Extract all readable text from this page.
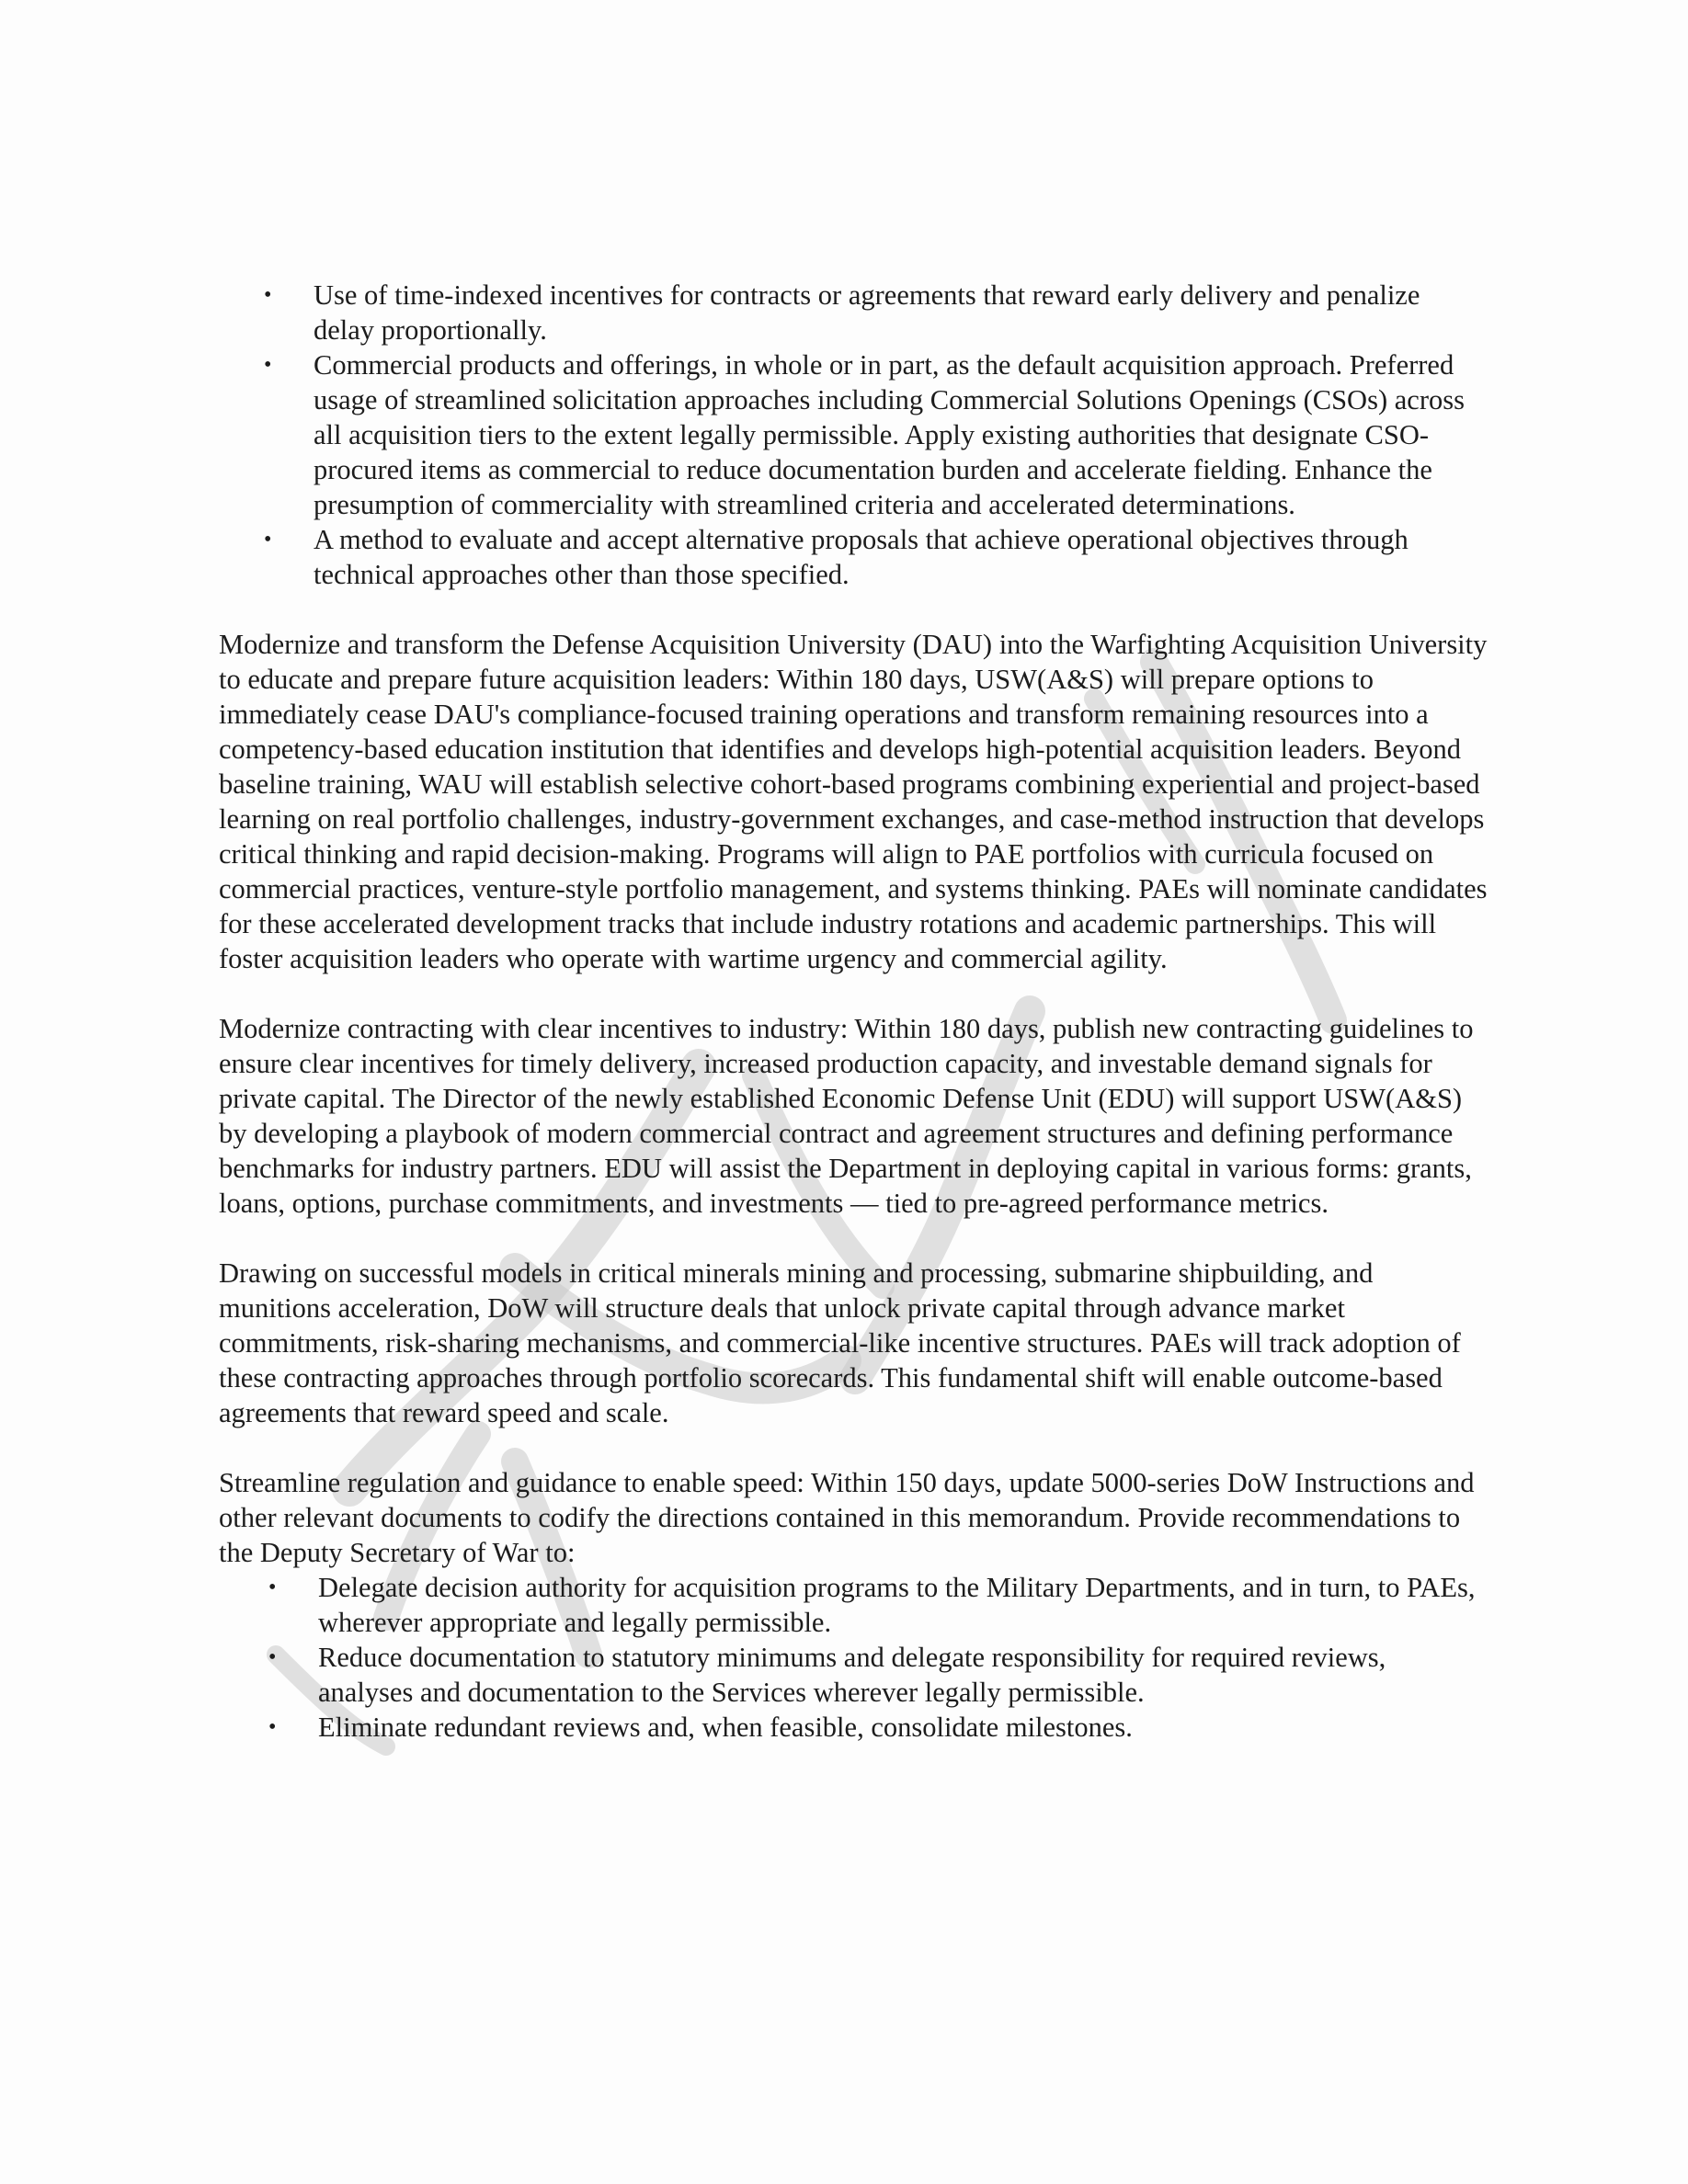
• Use of time-indexed incentives for contracts or agreements that reward early delivery and penalize delay proportionally.
• Commercial products and offerings, in whole or in part, as the default acquisition approach. Preferred usage of streamlined solicitation approaches including Commercial Solutions Openings (CSOs) across all acquisition tiers to the extent legally permissible. Apply existing authorities that designate CSO-procured items as commercial to reduce documentation burden and accelerate fielding. Enhance the presumption of commerciality with streamlined criteria and accelerated determinations.
• A method to evaluate and accept alternative proposals that achieve operational objectives through technical approaches other than those specified.

Modernize and transform the Defense Acquisition University (DAU) into the Warfighting Acquisition University to educate and prepare future acquisition leaders: Within 180 days, USW(A&S) will prepare options to immediately cease DAU's compliance-focused training operations and transform remaining resources into a competency-based education institution that identifies and develops high-potential acquisition leaders. Beyond baseline training, WAU will establish selective cohort-based programs combining experiential and project-based learning on real portfolio challenges, industry-government exchanges, and case-method instruction that develops critical thinking and rapid decision-making. Programs will align to PAE portfolios with curricula focused on commercial practices, venture-style portfolio management, and systems thinking. PAEs will nominate candidates for these accelerated development tracks that include industry rotations and academic partnerships. This will foster acquisition leaders who operate with wartime urgency and commercial agility.

Modernize contracting with clear incentives to industry: Within 180 days, publish new contracting guidelines to ensure clear incentives for timely delivery, increased production capacity, and investable demand signals for private capital. The Director of the newly established Economic Defense Unit (EDU) will support USW(A&S) by developing a playbook of modern commercial contract and agreement structures and defining performance benchmarks for industry partners. EDU will assist the Department in deploying capital in various forms: grants, loans, options, purchase commitments, and investments — tied to pre-agreed performance metrics.

Drawing on successful models in critical minerals mining and processing, submarine shipbuilding, and munitions acceleration, DoW will structure deals that unlock private capital through advance market commitments, risk-sharing mechanisms, and commercial-like incentive structures. PAEs will track adoption of these contracting approaches through portfolio scorecards. This fundamental shift will enable outcome-based agreements that reward speed and scale.

Streamline regulation and guidance to enable speed: Within 150 days, update 5000-series DoW Instructions and other relevant documents to codify the directions contained in this memorandum. Provide recommendations to the Deputy Secretary of War to:

• Delegate decision authority for acquisition programs to the Military Departments, and in turn, to PAEs, wherever appropriate and legally permissible.
• Reduce documentation to statutory minimums and delegate responsibility for required reviews, analyses and documentation to the Services wherever legally permissible.
• Eliminate redundant reviews and, when feasible, consolidate milestones.
